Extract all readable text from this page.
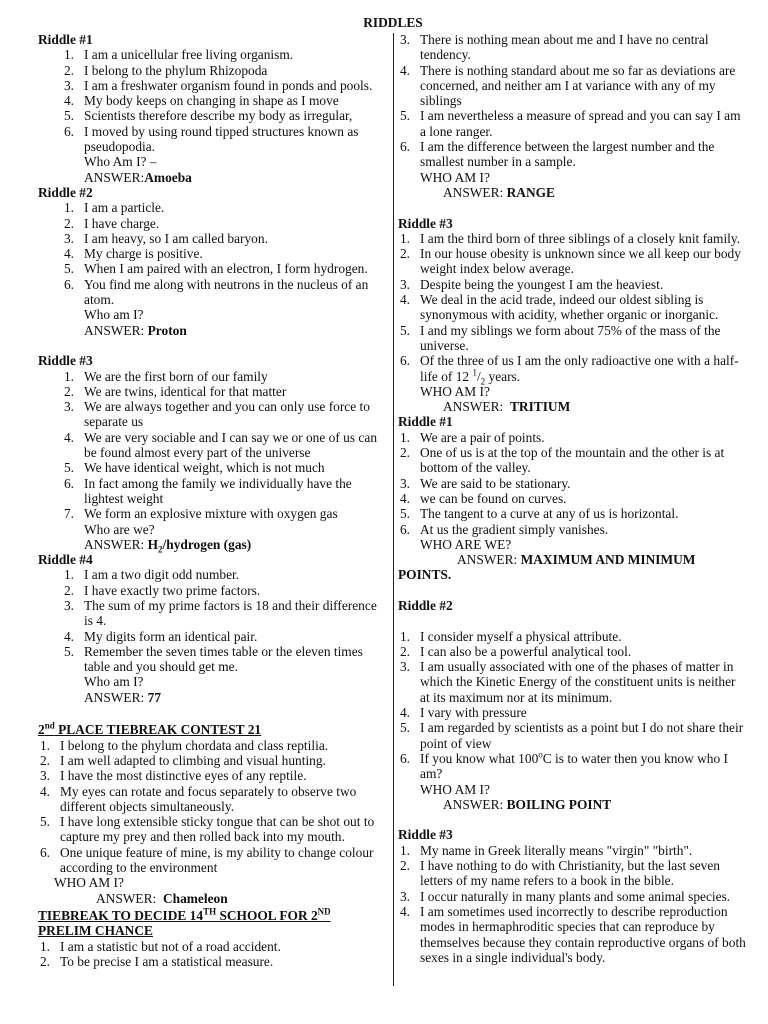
RIDDLES
Riddle #1
1. I am a unicellular free living organism.
2. I belong to the phylum Rhizopoda
3. I am a freshwater organism found in ponds and pools.
4. My body keeps on changing in shape as I move
5. Scientists therefore describe my body as irregular,
6. I moved by using round tipped structures known as pseudopodia.
Who Am I? –
ANSWER:Amoeba
Riddle #2
1. I am a particle.
2. I have charge.
3. I am heavy, so I am called baryon.
4. My charge is positive.
5. When I am paired with an electron, I form hydrogen.
6. You find me along with neutrons in the nucleus of an atom.
Who am I?
ANSWER: Proton
Riddle #3
1. We are the first born of our family
2. We are twins, identical for that matter
3. We are always together and you can only use force to separate us
4. We are very sociable and I can say we or one of us can be found almost every part of the universe
5. We have identical weight, which is not much
6. In fact among the family we individually have the lightest weight
7. We form an explosive mixture with oxygen gas
Who are we?
ANSWER: $H_2$/hydrogen (gas)
Riddle #4
1. I am a two digit odd number.
2. I have exactly two prime factors.
3. The sum of my prime factors is 18 and their difference is 4.
4. My digits form an identical pair.
5. Remember the seven times table or the eleven times table and you should get me.
Who am I?
ANSWER: 77
2nd PLACE TIEBREAK CONTEST 21
1. I belong to the phylum chordata and class reptilia.
2. I am well adapted to climbing and visual hunting.
3. I have the most distinctive eyes of any reptile.
4. My eyes can rotate and focus separately to observe two different objects simultaneously.
5. I have long extensible sticky tongue that can be shot out to capture my prey and then rolled back into my mouth.
6. One unique feature of mine, is my ability to change colour according to the environment
WHO AM I?
ANSWER: Chameleon
TIEBREAK TO DECIDE 14TH SCHOOL FOR 2ND
PRELIM CHANCE
1. I am a statistic but not of a road accident.
2. To be precise I am a statistical measure.
3. There is nothing mean about me and I have no central tendency.
4. There is nothing standard about me so far as deviations are concerned, and neither am I at variance with any of my siblings
5. I am nevertheless a measure of spread and you can say I am a lone ranger.
6. I am the difference between the largest number and the smallest number in a sample.
WHO AM I?
ANSWER: RANGE
Riddle #3
1. I am the third born of three siblings of a closely knit family.
2. In our house obesity is unknown since we all keep our body weight index below average.
3. Despite being the youngest I am the heaviest.
4. We deal in the acid trade, indeed our oldest sibling is synonymous with acidity, whether organic or inorganic.
5. I and my siblings we form about 75% of the mass of the universe.
6. Of the three of us I am the only radioactive one with a half-life of 12 $^1/_2$ years.
WHO AM I?
ANSWER: TRITIUM
Riddle #1
1. We are a pair of points.
2. One of us is at the top of the mountain and the other is at bottom of the valley.
3. We are said to be stationary.
4. we can be found on curves.
5. The tangent to a curve at any of us is horizontal.
6. At us the gradient simply vanishes.
WHO ARE WE?
ANSWER: MAXIMUM AND MINIMUM
POINTS.
Riddle #2
1. I consider myself a physical attribute.
2. I can also be a powerful analytical tool.
3. I am usually associated with one of the phases of matter in which the Kinetic Energy of the constituent units is neither at its maximum nor at its minimum.
4. I vary with pressure
5. I am regarded by scientists as a point but I do not share their point of view
6. If you know what 100$^o$C is to water then you know who I am?
WHO AM I?
ANSWER: BOILING POINT
Riddle #3
1. My name in Greek literally means "virgin" "birth".
2. I have nothing to do with Christianity, but the last seven letters of my name refers to a book in the bible.
3. I occur naturally in many plants and some animal species.
4. I am sometimes used incorrectly to describe reproduction modes in hermaphroditic species that can reproduce by themselves because they contain reproductive organs of both sexes in a single individual's body.
